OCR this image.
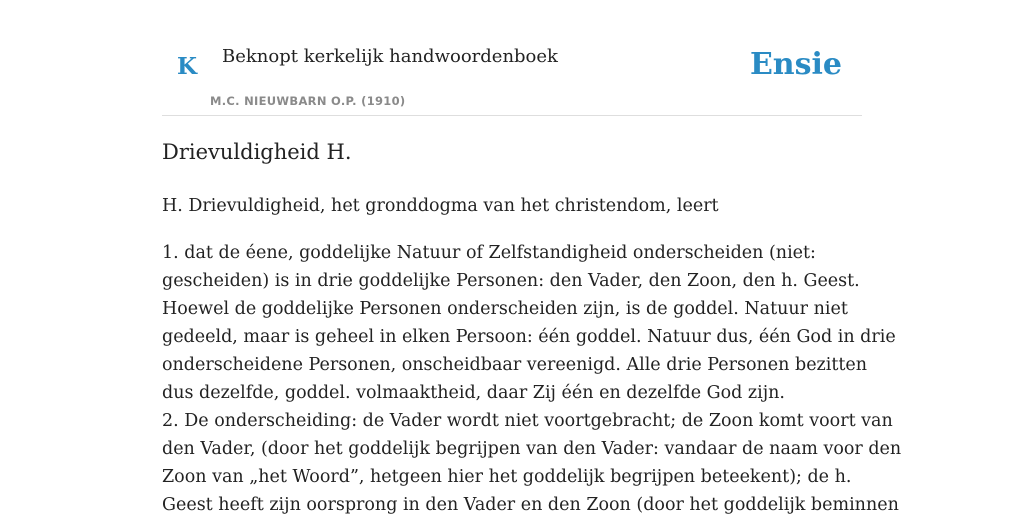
K Beknopt kerkelijk handwoordenboek
M.C. NIEUWBARN O.P. (1910)
Ensie
Drievuldigheid H.

H. Drievuldigheid, het gronddogma van het christendom, leert

1. dat de éene, goddelijke Natuur of Zelfstandigheid onderscheiden (niet:
gescheiden) is in drie goddelijke Personen: den Vader, den Zoon, den h. Geest.
Hoewel de goddelijke Personen onderscheiden zijn, is de goddel. Natuur niet
gedeeld, maar is geheel in elken Persoon: één goddel. Natuur dus, één God in drie
onderscheidene Personen, onscheidbaar vereenigd. Alle drie Personen bezitten
dus dezelfde, goddel. volmaaktheid, daar Zij één en dezelfde God zijn.
2. De onderscheiding: de Vader wordt niet voortgebracht; de Zoon komt voort van
den Vader, (door het goddelijk begrijpen van den Vader: vandaar de naam voor den
Zoon van „het Woord”, hetgeen hier het goddelijk begrijpen beteekent); de h.
Geest heeft zijn oorsprong in den Vader en den Zoon (door het goddelijk beminnen
